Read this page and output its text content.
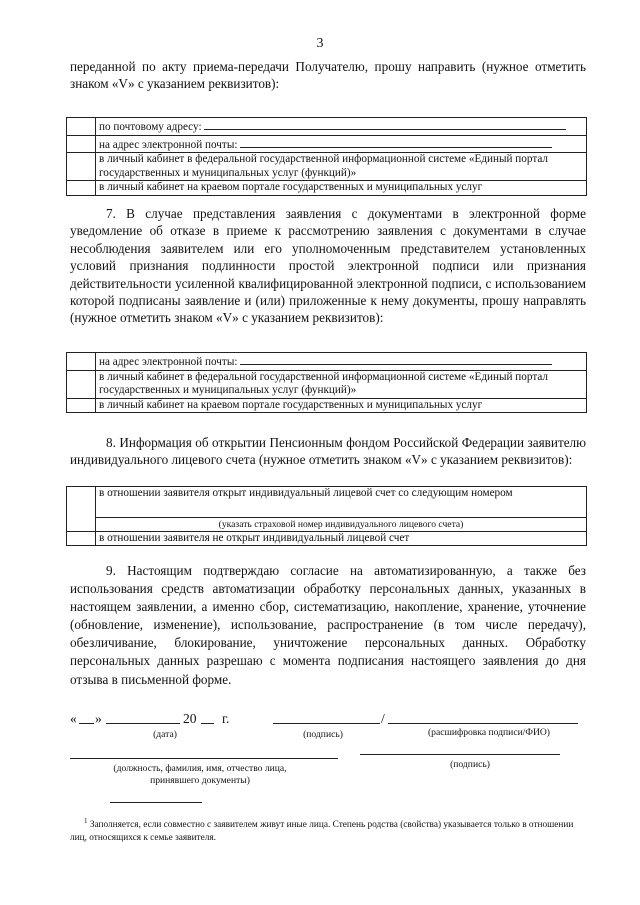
3

переданной по акту приема-передачи Получателю, прошу направить (нужное отметить знаком «V» с указанием реквизитов):

	по почтовому адресу:
	на адрес электронной почты:
	в личный кабинет в федеральной государственной информационной системе «Единый портал государственных и муниципальных услуг (функций)»
	в личный кабинет на краевом портале государственных и муниципальных услуг

7. В случае представления заявления с документами в электронной форме уведомление об отказе в приеме к рассмотрению заявления с документами в случае несоблюдения заявителем или его уполномоченным представителем установленных условий признания подлинности простой электронной подписи или признания действительности усиленной квалифицированной электронной подписи, с использованием которой подписаны заявление и (или) приложенные к нему документы, прошу направлять (нужное отметить знаком «V» с указанием реквизитов):

	на адрес электронной почты:
	в личный кабинет в федеральной государственной информационной системе «Единый портал государственных и муниципальных услуг (функций)»
	в личный кабинет на краевом портале государственных и муниципальных услуг

8. Информация об открытии Пенсионным фондом Российской Федерации заявителю индивидуального лицевого счета (нужное отметить знаком «V» с указанием реквизитов):

	в отношении заявителя открыт индивидуальный лицевой счет со следующим номером
(указать страховой номер индивидуального лицевого счета)

	в отношении заявителя не открыт индивидуальный лицевой счет

9. Настоящим подтверждаю согласие на автоматизированную, а также без использования средств автоматизации обработку персональных данных, указанных в настоящем заявлении, а именно сбор, систематизацию, накопление, хранение, уточнение (обновление, изменение), использование, распространение (в том числе передачу), обезличивание, блокирование, уничтожение персональных данных. Обработку персональных данных разрешаю с момента подписания настоящего заявления до дня отзыва в письменной форме.

« »	20 г.	/
(дата)	(подпись)	(расшифровка подписи/ФИО)
(должность, фамилия, имя, отчество лица, принявшего документы)
(подпись)
$^1$ Заполняется, если совместно с заявителем живут иные лица. Степень родства (свойства) указывается только в отношении лиц, относящихся к семье заявителя.
